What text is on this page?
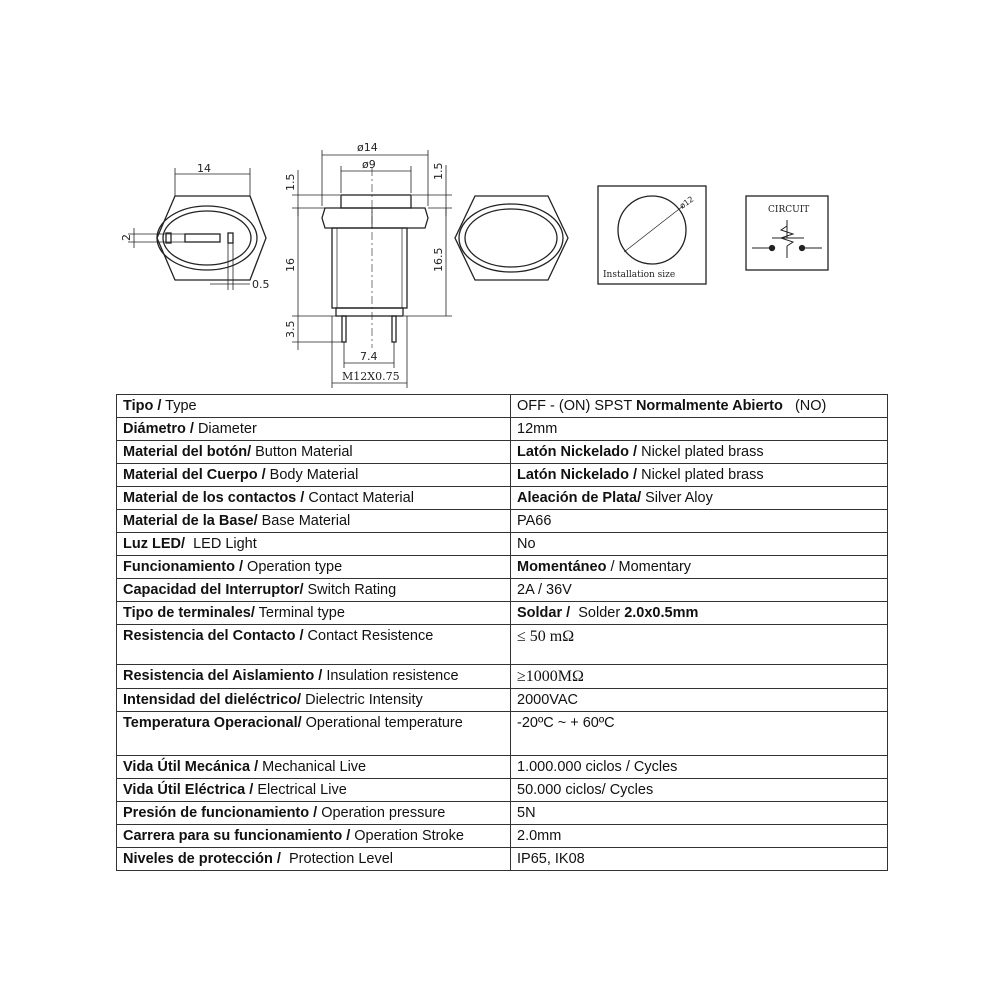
14
2
0.5
ø14
ø9
1.5
1.5
16	16.5
3.5
7.4
M12X0.75
ø12
Installation size
CIRCUIT
Tipo / Type	OFF - (ON) SPST Normalmente Abierto   (NO)
Diámetro / Diameter	12mm
Material del botón/ Button Material	Latón Nickelado / Nickel plated brass
Material del Cuerpo / Body Material	Latón Nickelado / Nickel plated brass
Material de los contactos / Contact Material	Aleación de Plata/ Silver Aloy
Material de la Base/ Base Material	PA66
Luz LED/  LED Light	No
Funcionamiento / Operation type	Momentáneo / Momentary
Capacidad del Interruptor/ Switch Rating	2A / 36V
Tipo de terminales/ Terminal type	Soldar /  Solder 2.0x0.5mm
Resistencia del Contacto / Contact Resistence	≤ 50 mΩ
Resistencia del Aislamiento / Insulation resistence	≥1000MΩ
Intensidad del dieléctrico/ Dielectric Intensity	2000VAC
Temperatura Operacional/ Operational temperature	-20ºC ~ + 60ºC
Vida Útil Mecánica / Mechanical Live	1.000.000 ciclos / Cycles
Vida Útil Eléctrica / Electrical Live	50.000 ciclos/ Cycles
Presión de funcionamiento / Operation pressure	5N
Carrera para su funcionamiento / Operation Stroke	2.0mm
Niveles de protección /  Protection Level	IP65, IK08
